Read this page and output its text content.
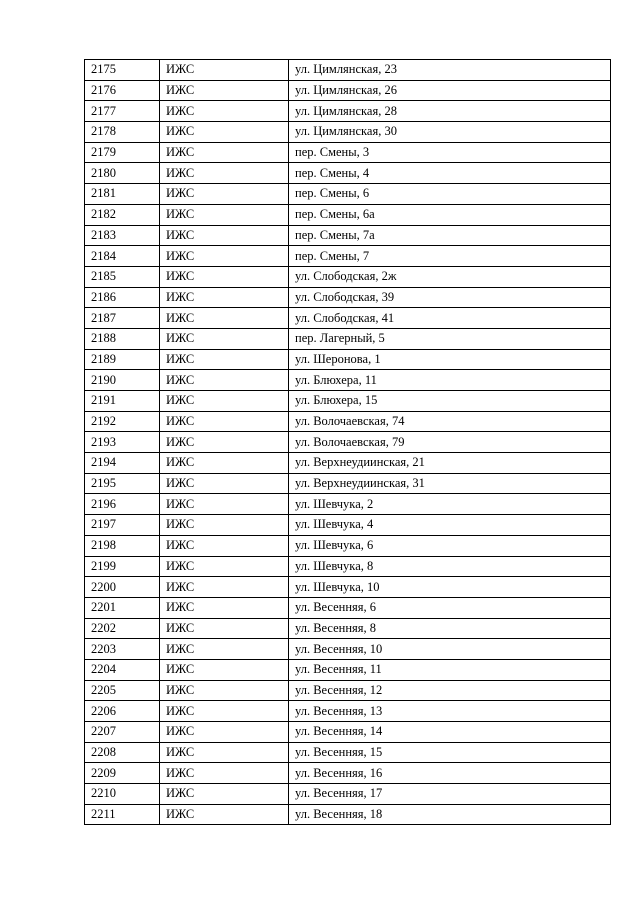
2175	ИЖС	ул. Цимлянская, 23
2176	ИЖС	ул. Цимлянская, 26
2177	ИЖС	ул. Цимлянская, 28
2178	ИЖС	ул. Цимлянская, 30
2179	ИЖС	пер. Смены, 3
2180	ИЖС	пер. Смены, 4
2181	ИЖС	пер. Смены, 6
2182	ИЖС	пер. Смены, 6а
2183	ИЖС	пер. Смены, 7а
2184	ИЖС	пер. Смены, 7
2185	ИЖС	ул. Слободская, 2ж
2186	ИЖС	ул. Слободская, 39
2187	ИЖС	ул. Слободская, 41
2188	ИЖС	пер. Лагерный, 5
2189	ИЖС	ул. Шеронова, 1
2190	ИЖС	ул. Блюхера, 11
2191	ИЖС	ул. Блюхера, 15
2192	ИЖС	ул. Волочаевская, 74
2193	ИЖС	ул. Волочаевская, 79
2194	ИЖС	ул. Верхнеудиинская, 21
2195	ИЖС	ул. Верхнеудиинская, 31
2196	ИЖС	ул. Шевчука, 2
2197	ИЖС	ул. Шевчука, 4
2198	ИЖС	ул. Шевчука, 6
2199	ИЖС	ул. Шевчука, 8
2200	ИЖС	ул. Шевчука, 10
2201	ИЖС	ул. Весенняя, 6
2202	ИЖС	ул. Весенняя, 8
2203	ИЖС	ул. Весенняя, 10
2204	ИЖС	ул. Весенняя, 11
2205	ИЖС	ул. Весенняя, 12
2206	ИЖС	ул. Весенняя, 13
2207	ИЖС	ул. Весенняя, 14
2208	ИЖС	ул. Весенняя, 15
2209	ИЖС	ул. Весенняя, 16
2210	ИЖС	ул. Весенняя, 17
2211	ИЖС	ул. Весенняя, 18
